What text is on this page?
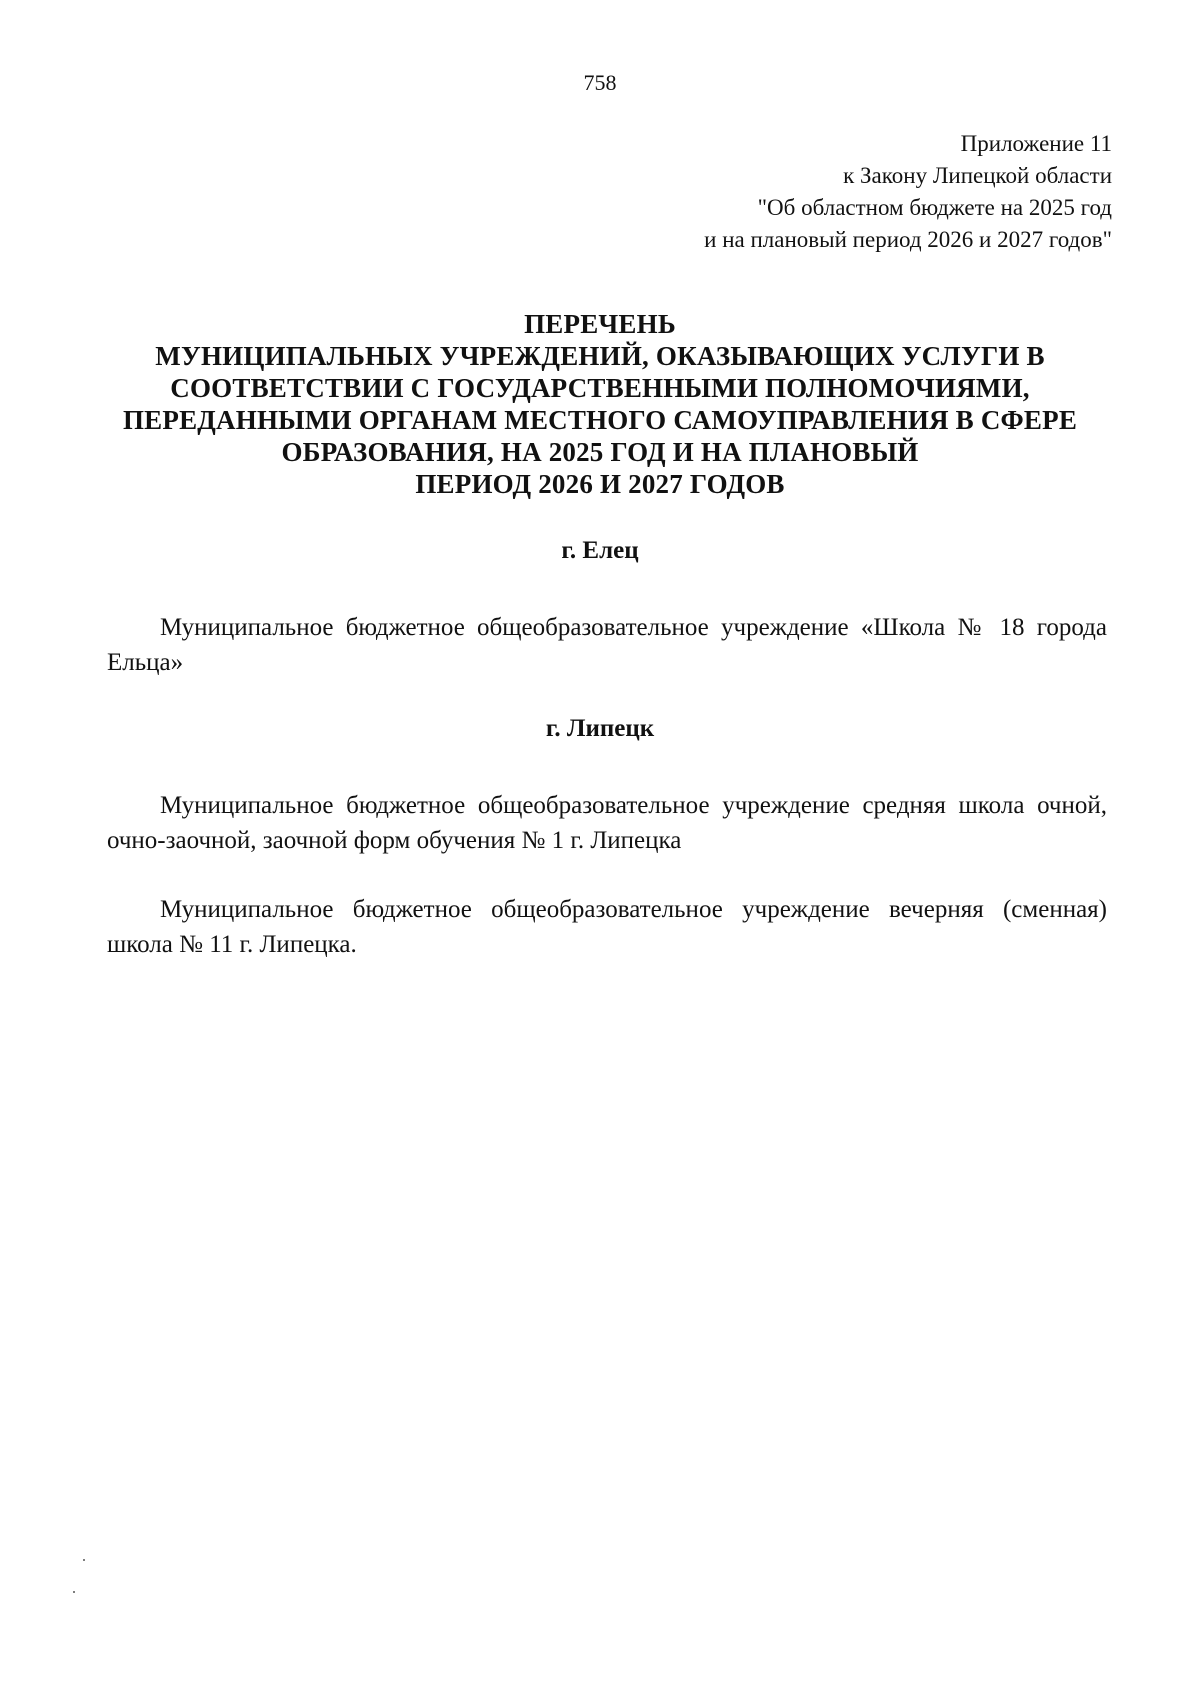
758
Приложение 11
к Закону Липецкой области
"Об областном бюджете на 2025 год
и на плановый период 2026 и 2027 годов"
ПЕРЕЧЕНЬ
МУНИЦИПАЛЬНЫХ УЧРЕЖДЕНИЙ, ОКАЗЫВАЮЩИХ УСЛУГИ В
СООТВЕТСТВИИ С ГОСУДАРСТВЕННЫМИ ПОЛНОМОЧИЯМИ,
ПЕРЕДАННЫМИ ОРГАНАМ МЕСТНОГО САМОУПРАВЛЕНИЯ В СФЕРЕ
ОБРАЗОВАНИЯ, НА 2025 ГОД И НА ПЛАНОВЫЙ
ПЕРИОД 2026 И 2027 ГОДОВ
г. Елец
Муниципальное бюджетное общеобразовательное учреждение «Школа № 18 города Ельца»
г. Липецк
Муниципальное бюджетное общеобразовательное учреждение средняя школа очной, очно-заочной, заочной форм обучения № 1 г. Липецка
Муниципальное бюджетное общеобразовательное учреждение вечерняя (сменная) школа № 11 г. Липецка.
